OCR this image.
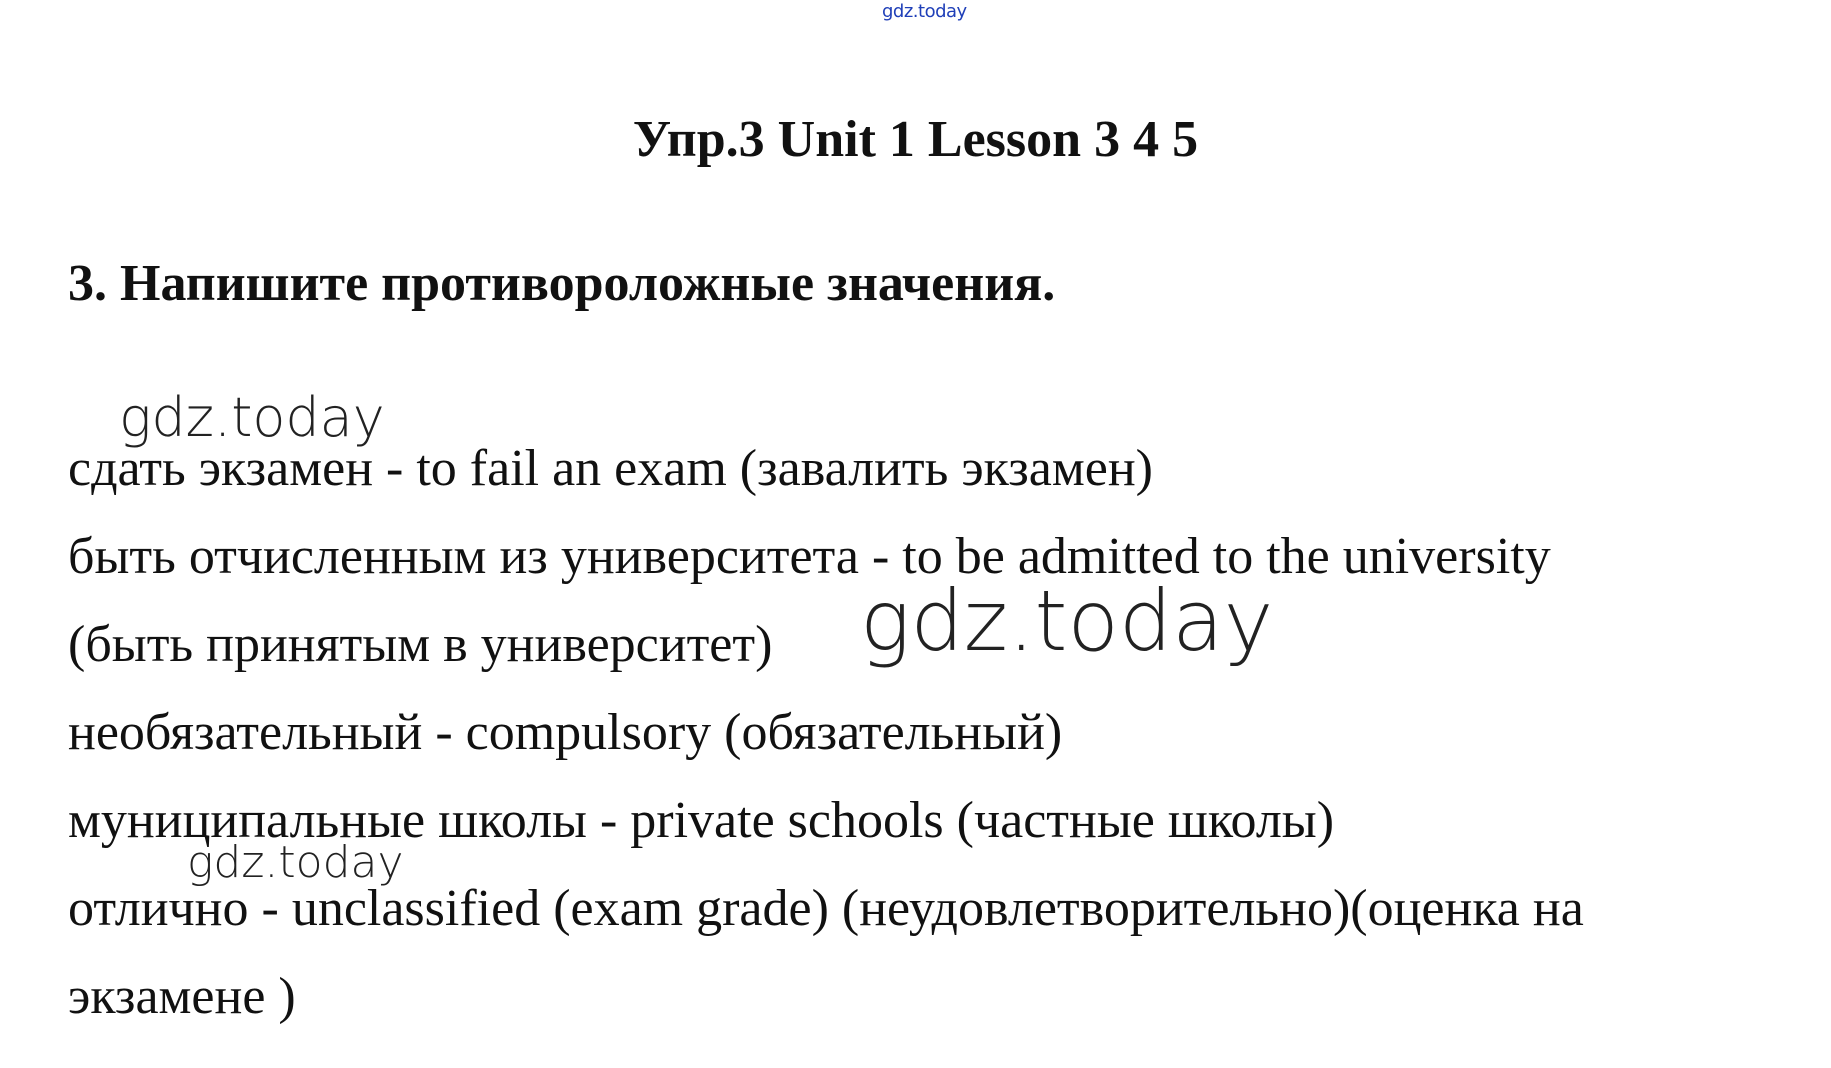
gdz.today
Упр.3 Unit 1 Lesson 3 4 5
3. Напишите противороложные значения.
сдать экзамен - to fail an exam (завалить экзамен)
быть отчисленным из университета - to be admitted to the university
(быть принятым в университет)
необязательный - compulsory (обязательный)
муниципальные школы - private schools (частные школы)
отлично - unclassified (exam grade) (неудовлетворительно)(оценка на
экзамене )
gdz.today
gdz.today
gdz.today
